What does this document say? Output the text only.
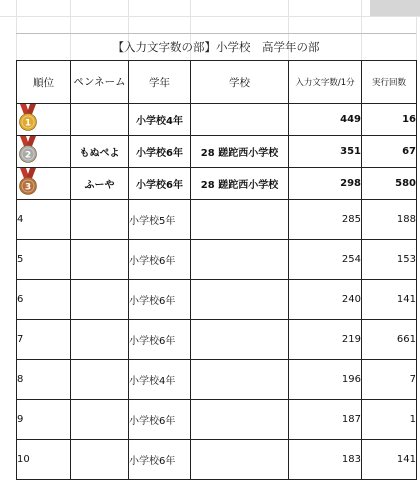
【入力文字数の部】小学校　高学年の部
順位	ペンネーム	学年	学校	入力文字数/1分	実行回数

1		小学校4年		449	16

2	もぬぺよ	小学校6年	28 蹉跎西小学校	351	67

3	ふーや	小学校6年	28 蹉跎西小学校	298	580
4		小学校5年		285	188
5		小学校6年		254	153
6		小学校6年		240	141
7		小学校6年		219	661
8		小学校4年		196	7
9		小学校6年		187	1
10		小学校6年		183	141
